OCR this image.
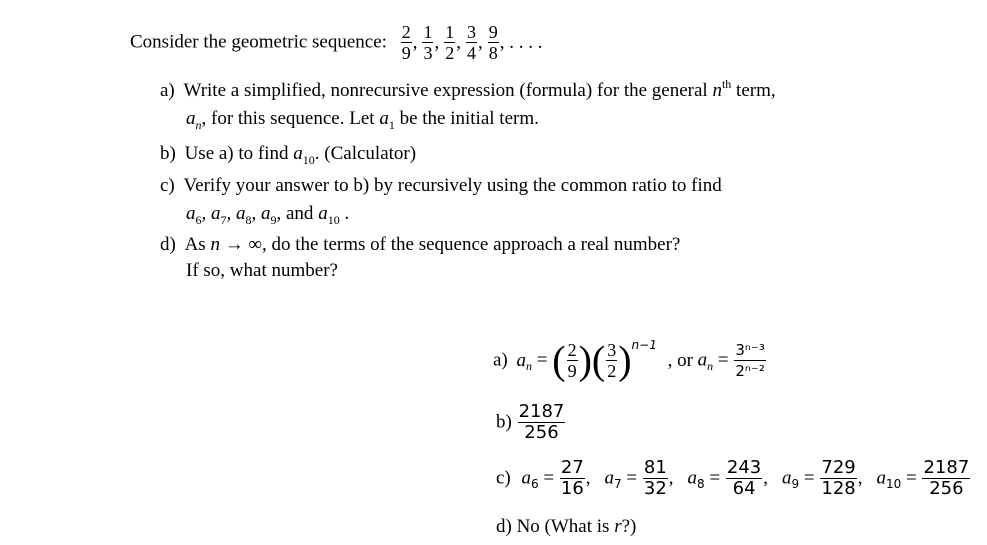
Consider the geometric sequence: $\frac{2}{9}$ , $\frac{1}{3}$ , $\frac{1}{2}$ , $\frac{3}{4}$ , $\frac{9}{8}$ , . . . .
a) Write a simplified, nonrecursive expression (formula) for the general $n^{th}$ term,
$a_n$, for this sequence. Let $a_1$ be the initial term.
b) Use a) to find $a_{10}$. (Calculator)
c) Verify your answer to b) by recursively using the common ratio to find
$a_6$, $a_7$, $a_8$, $a_9$, and $a_{10}$ .
d) As n → ∞, do the terms of the sequence approach a real number?
If so, what number?
a) $a_n$ = ( $\frac{2}{9}$ )( $\frac{3}{2} )^{n-1}$ , or $a_n = \frac{\text{3ⁿ⁻³}}{\text{2ⁿ⁻²}}$
$b) \frac{2187}{256}$
c) $a_6 = \frac{27}{16}$ , $a_7 = \frac{81}{32}$ , $a_8 = \frac{243}{64}$ , $a_9 = \frac{729}{128}$ , $a_{10} = \frac{2187}{256}$
d) No (What is r?)
